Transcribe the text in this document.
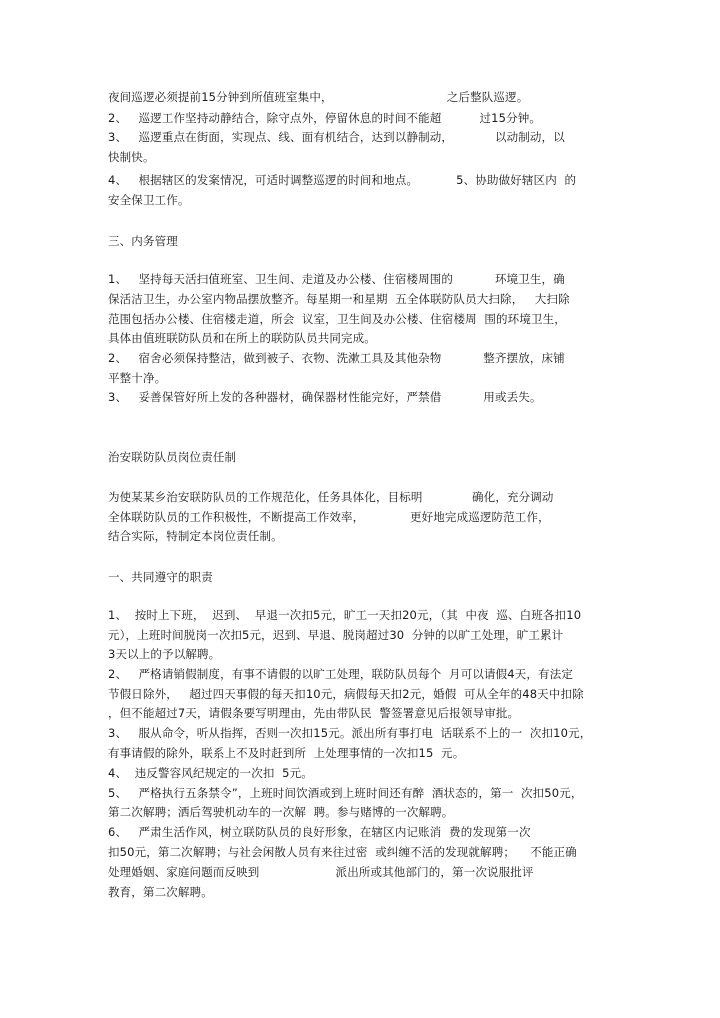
夜间巡逻必须提前15分钟到所值班室集中，                              之后整队巡逻。
2、   巡逻工作坚持动静结合，除守点外，停留休息的时间不能超          过15分钟。
3、   巡逻重点在街面，实现点、线、面有机结合，达到以静制动，           以动制动，以
快制快。
4、   根据辖区的发案情况，可适时调整巡逻的时间和地点。          5、协助做好辖区内  的
安全保卫工作。
三、内务管理
1、   坚持每天活扫值班室、卫生间、走道及办公楼、住宿楼周围的           环境卫生，确
保活洁卫生，办公室内物品摆放整齐。每星期一和星期  五全体联防队员大扫除，   大扫除
范围包括办公楼、住宿楼走道，所会  议室，卫生间及办公楼、住宿楼周  围的环境卫生，
具体由值班联防队员和在所上的联防队员共同完成。
2、   宿舍必须保持整洁，做到被子、衣物、洗漱工具及其他杂物           整齐摆放，床铺
平整十净。
3、   妥善保管好所上发的各种器材，确保器材性能完好，严禁借           用或丢失。
治安联防队员岗位责任制
为使某某乡治安联防队员的工作规范化，任务具体化，目标明             确化，充分调动
全体联防队员的工作积极性，不断提高工作效率，            更好地完成巡逻防范工作，
结合实际，特制定本岗位责任制。
一、共同遵守的职责
1、  按时上下班，  迟到、  早退一次扣5元，旷工一天扣20元，（其  中夜  巡、白班各扣10
元），上班时间脱岗一次扣5元，迟到、早退、脱岗超过30  分钟的以旷工处理，旷工累计
3天以上的予以解聘。
2、   严格请销假制度，有事不请假的以旷工处理，联防队员每个  月可以请假4天，有法定
节假日除外，   超过四天事假的每天扣10元，病假每天扣2元，婚假  可从全年的48天中扣除
，但不能超过7天，请假条要写明理由，先由带队民  警签署意见后报领导审批。
3、   服从命令，听从指挥，否则一次扣15元。派出所有事打电  话联系不上的一  次扣10元，
有事请假的除外，联系上不及时赶到所  上处理事情的一次扣15  元。
4、  违反警容风纪规定的一次扣  5元。
5、   严格执行五条禁令”，上班时间饮酒或到上班时间还有醉  酒状态的，第一  次扣50元，
第二次解聘；洒后驾驶机动车的一次解  聘。参与赌博的一次解聘。
6、   严肃生活作风，树立联防队员的良好形象，在辖区内记账消  费的发现第一次
扣50元，第二次解聘；与社会闲散人员有来往过密  或纠缠不活的发现就解聘；    不能正确
处理婚姻、家庭问题而反映到                    派出所或其他部门的，第一次说服批评
教育，第二次解聘。
